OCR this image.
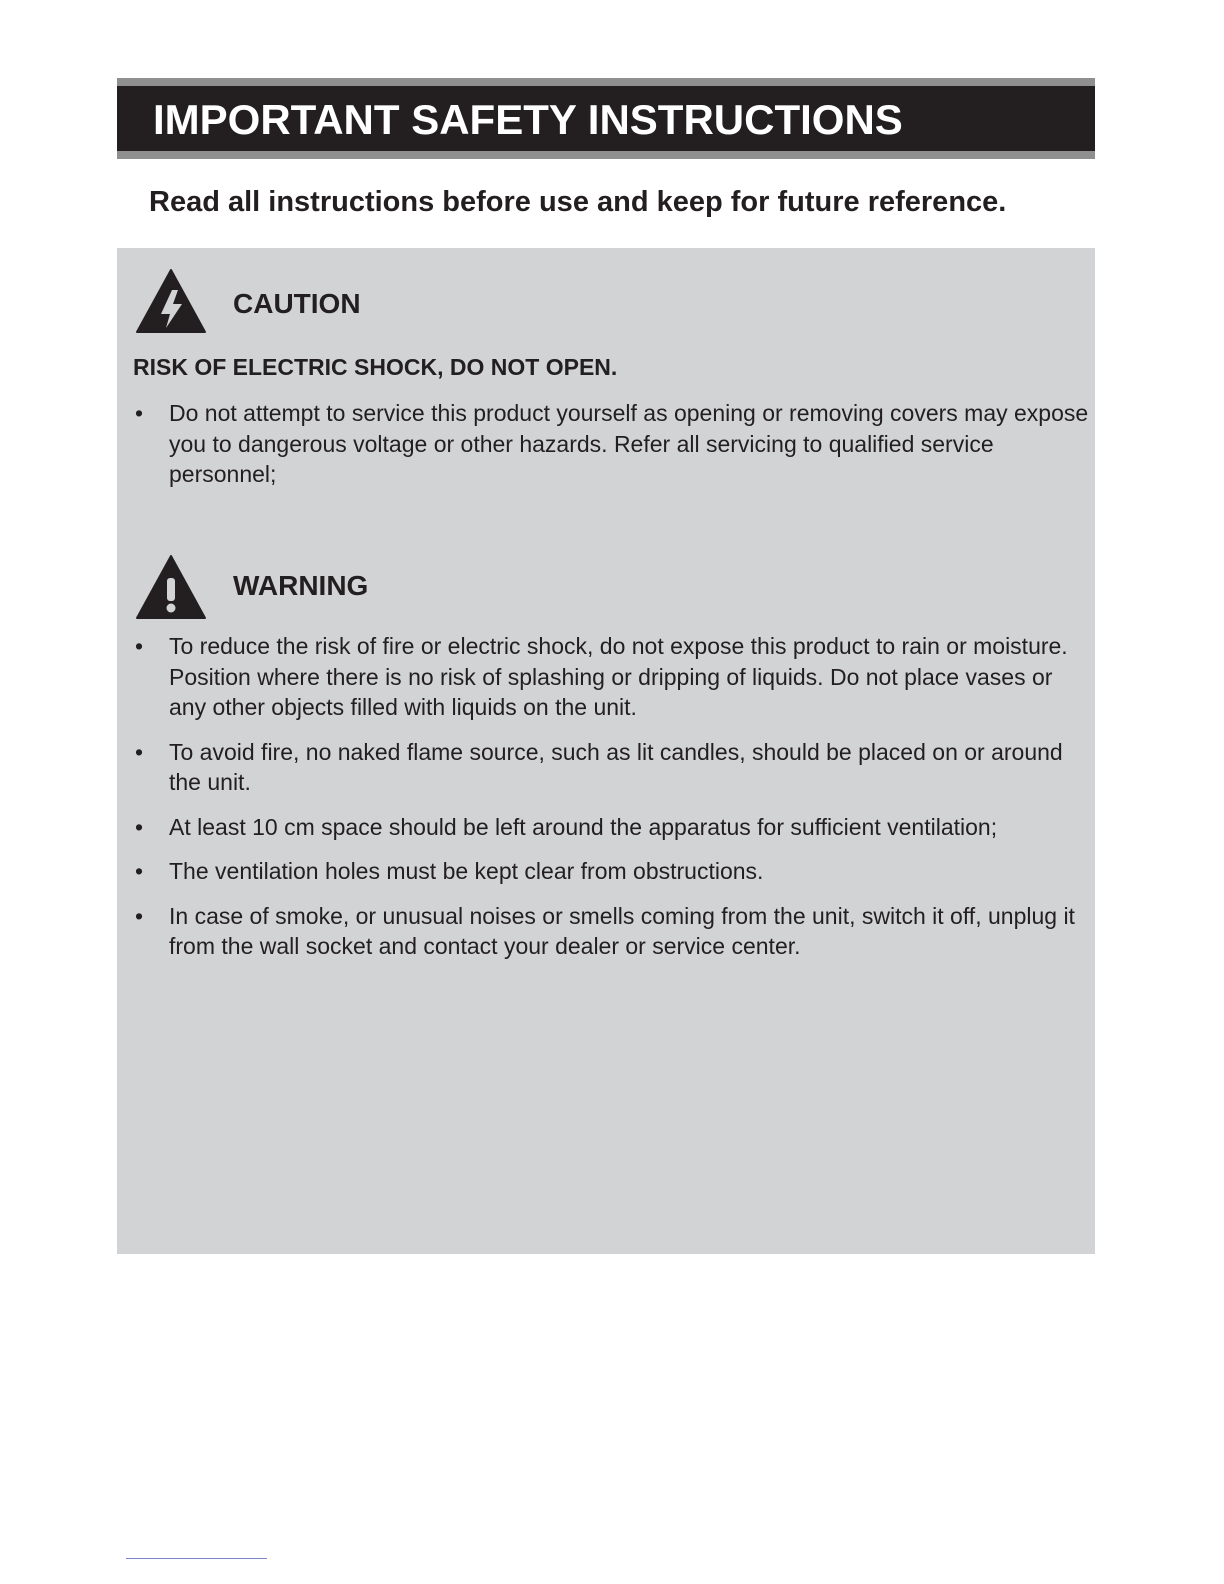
IMPORTANT SAFETY INSTRUCTIONS
Read all instructions before use and keep for future reference.
CAUTION
RISK OF ELECTRIC SHOCK, DO NOT OPEN.
• Do not attempt to service this product yourself as opening or removing covers may expose you to dangerous voltage or other hazards. Refer all servicing to qualified service personnel;
WARNING
• To reduce the risk of fire or electric shock, do not expose this product to rain or moisture. Position where there is no risk of splashing or dripping of liquids. Do not place vases or any other objects filled with liquids on the unit.
• To avoid fire, no naked flame source, such as lit candles, should be placed on or around the unit.
• At least 10 cm space should be left around the apparatus for sufficient ventilation;
• The ventilation holes must be kept clear from obstructions.
• In case of smoke, or unusual noises or smells coming from the unit, switch it off, unplug it from the wall socket and contact your dealer or service center.
